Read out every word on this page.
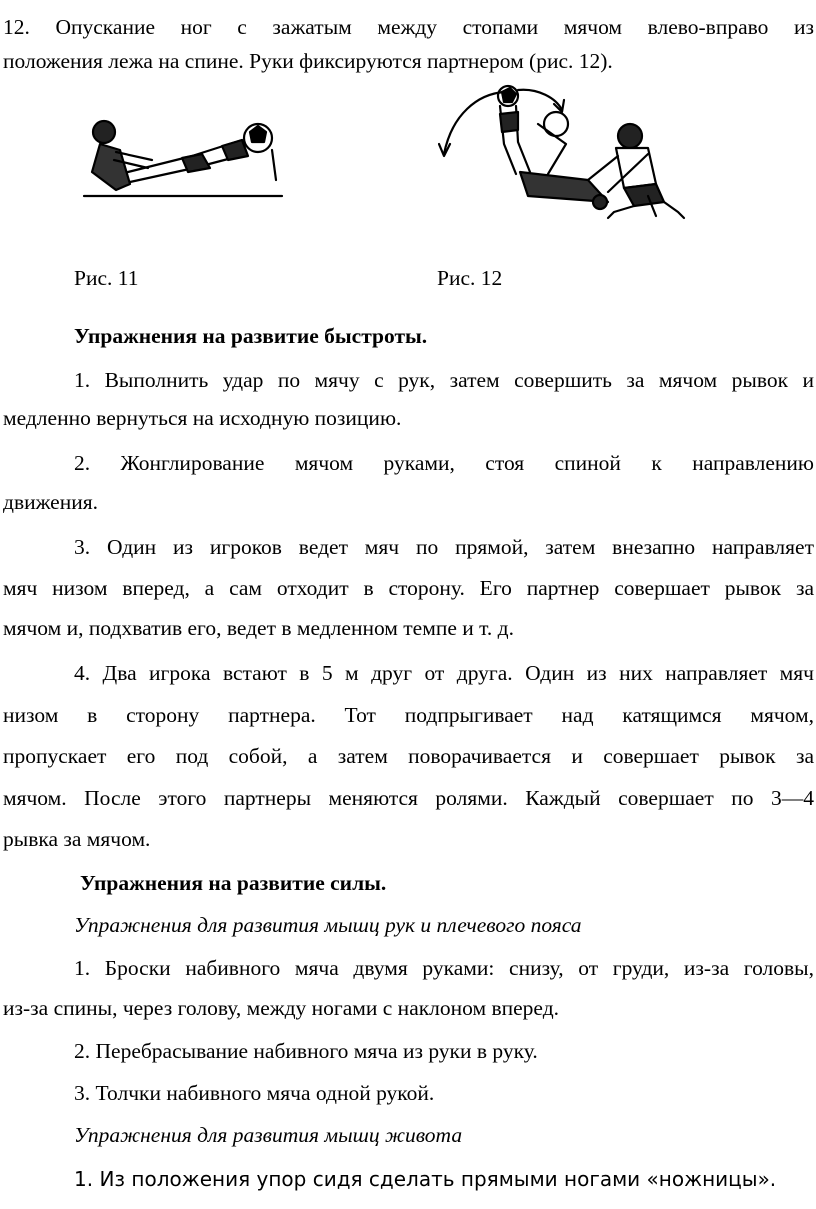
12. Опускание ног с зажатым между стопами мячом влево-вправо из
положения лежа на спине. Руки фиксируются партнером (рис. 12).
Рис. 11	Рис. 12
Упражнения на развитие быстроты.
1. Выполнить удар по мячу с рук, затем совершить за мячом рывок и
медленно вернуться на исходную позицию.
2. Жонглирование мячом руками, стоя спиной к направлению
движения.
3. Один из игроков ведет мяч по прямой, затем внезапно направляет
мяч низом вперед, а сам отходит в сторону. Его партнер совершает рывок за
мячом и, подхватив его, ведет в медленном темпе и т. д.
4. Два игрока встают в 5 м друг от друга. Один из них направляет мяч
низом в сторону партнера. Тот подпрыгивает над катящимся мячом,
пропускает его под собой, а затем поворачивается и совершает рывок за
мячом. После этого партнеры меняются ролями. Каждый совершает по 3—4
рывка за мячом.
Упражнения на развитие силы.
Упражнения для развития мышц рук и плечевого пояса
1. Броски набивного мяча двумя руками: снизу, от груди, из-за головы,
из-за спины, через голову, между ногами с наклоном вперед.
2. Перебрасывание набивного мяча из руки в руку.
3. Толчки набивного мяча одной рукой.
Упражнения для развития мышц живота
1. Из положения упор сидя сделать прямыми ногами «ножницы».
